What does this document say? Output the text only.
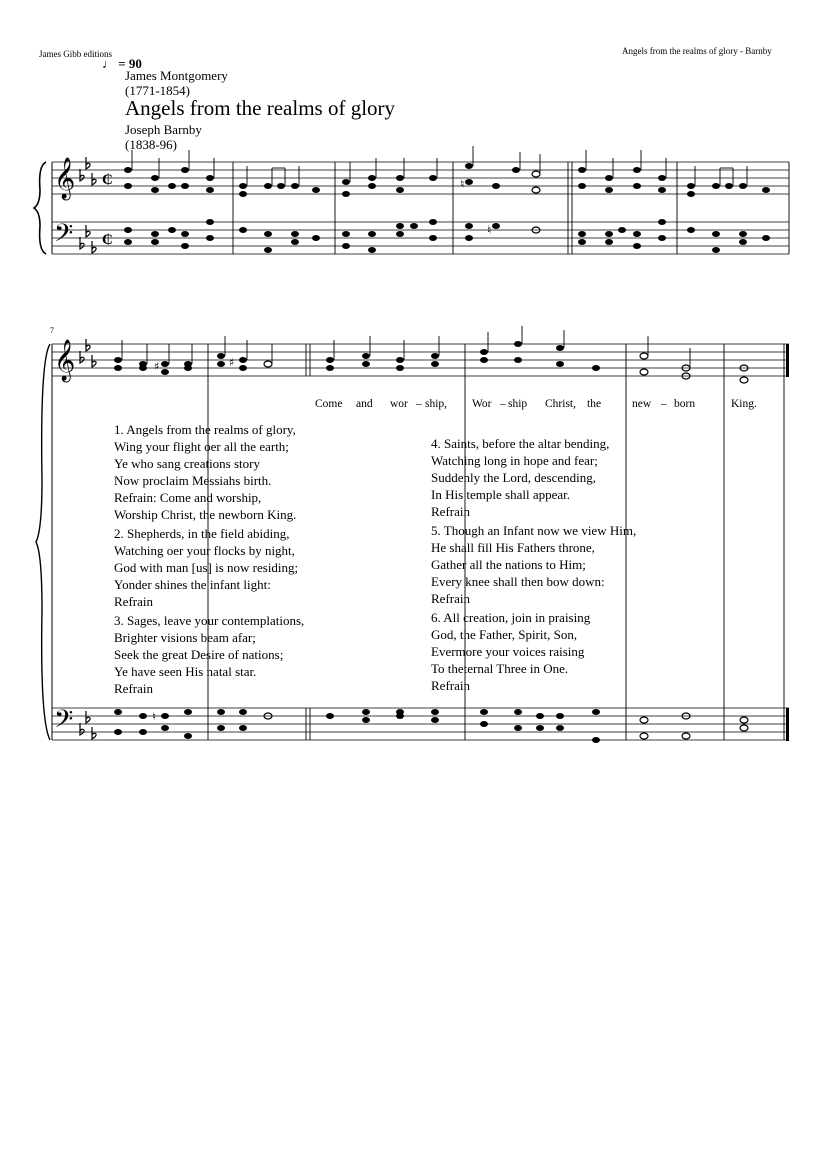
James Gibb editions	Angels from the realms of glory - Barnby
♩ = 90
James Montgomery
(1771-1854)
Angels from the realms of glory
Joseph Barnby
(1838-96)
𝄞
𝄢
₵
₵
♮
♮
7
𝄞
𝄢
♯	♯
♮
Come and wor – ship, Wor – ship Christ, the	new – born	King.
1. Angels from the realms of glory,
Wing your flight oer all the earth;
Ye who sang creations story
Now proclaim Messiahs birth.
Refrain: Come and worship,
Worship Christ, the newborn King.
2. Shepherds, in the field abiding,
Watching oer your flocks by night,
God with man [us] is now residing;
Yonder shines the infant light:
Refrain
3. Sages, leave your contemplations,
Brighter visions beam afar;
Seek the great Desire of nations;
Ye have seen His natal star.
Refrain
4. Saints, before the altar bending,
Watching long in hope and fear;
Suddenly the Lord, descending,
In His temple shall appear.
Refrain
5. Though an Infant now we view Him,
He shall fill His Fathers throne,
Gather all the nations to Him;
Every knee shall then bow down:
Refrain
6. All creation, join in praising
God, the Father, Spirit, Son,
Evermore your voices raising
To theternal Three in One.
Refrain
